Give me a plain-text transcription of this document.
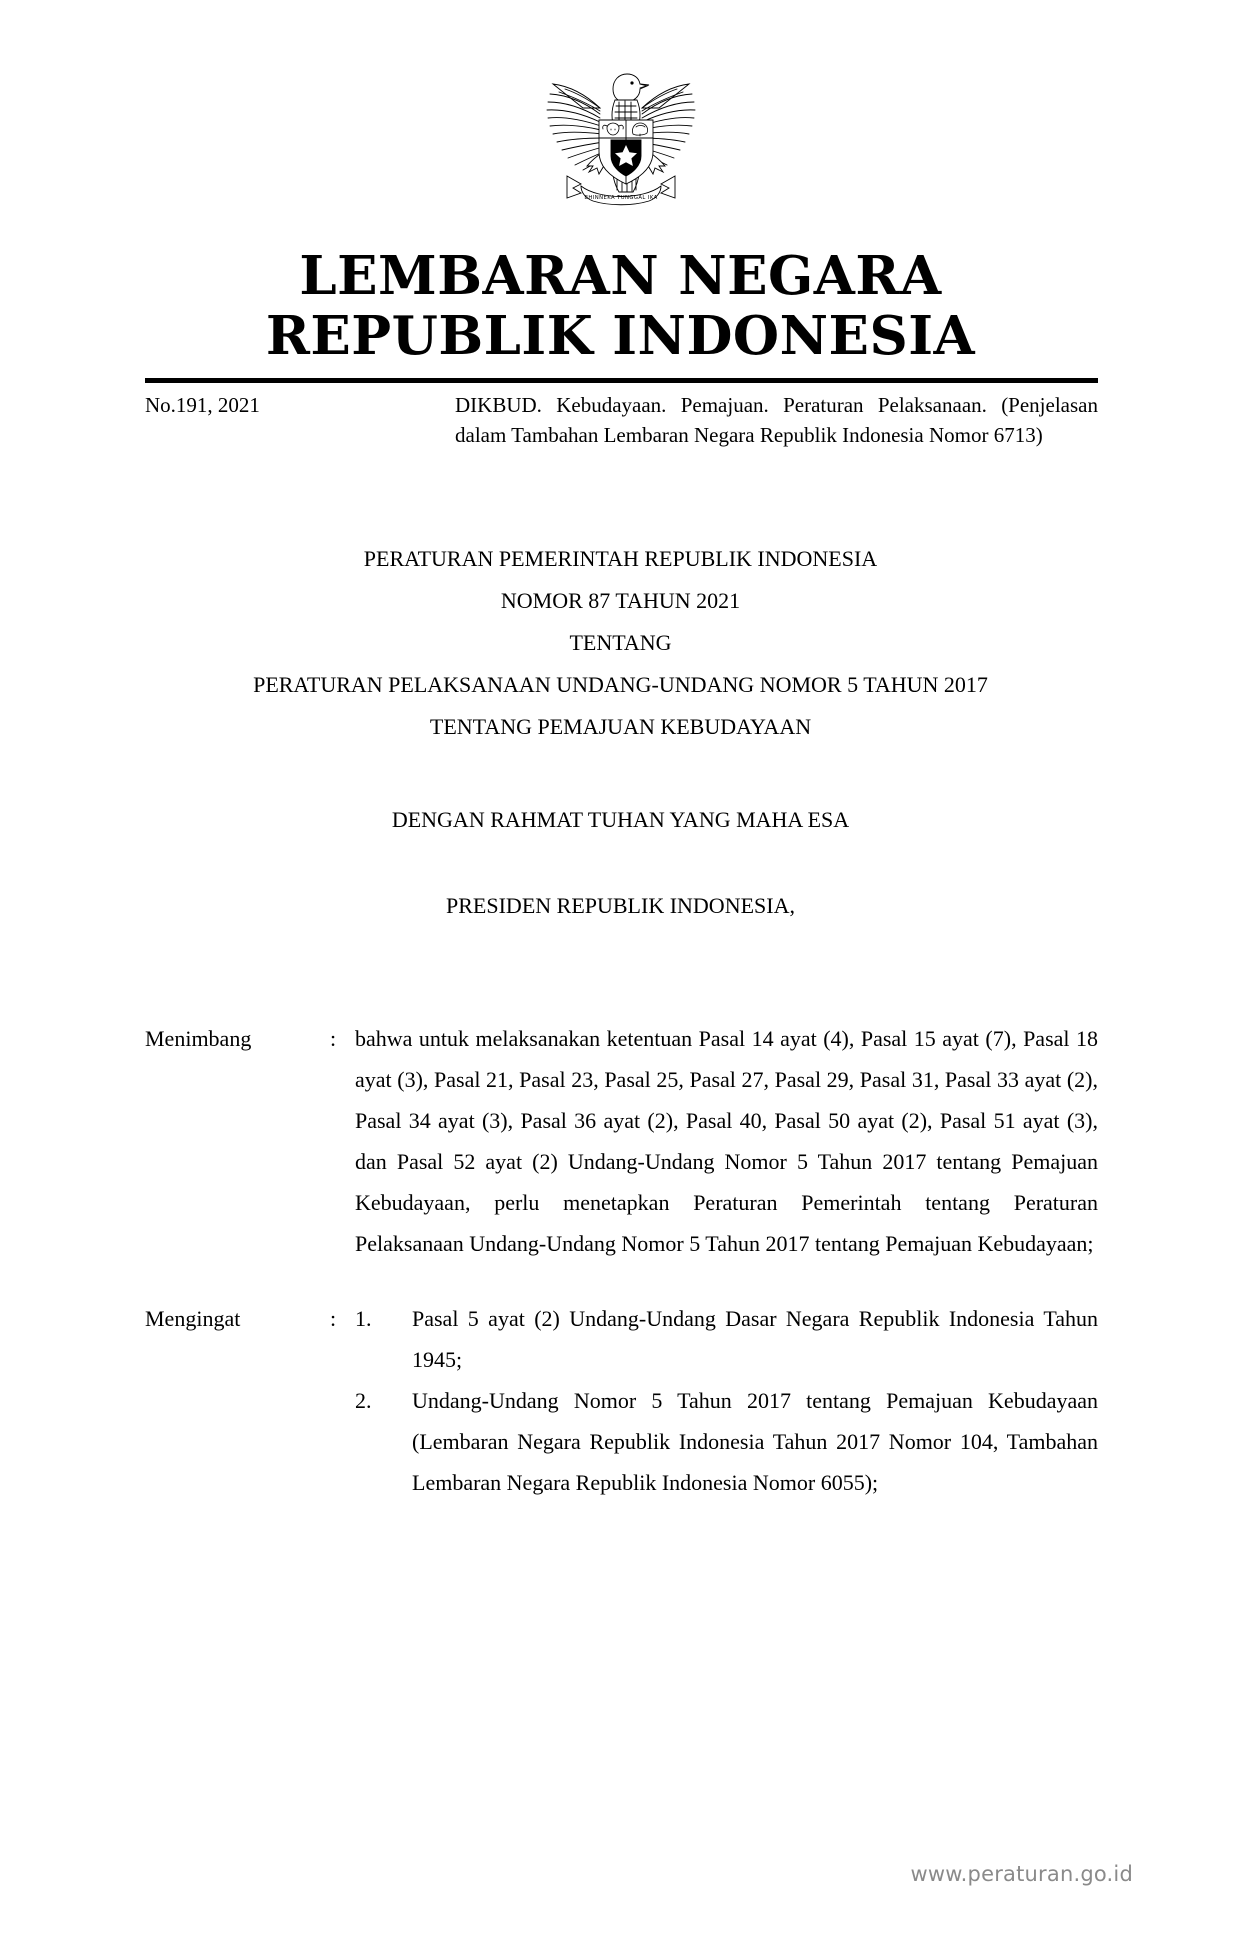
BHINNEKA TUNGGAL IKA
LEMBARAN NEGARA
REPUBLIK INDONESIA
No.191, 2021	DIKBUD. Kebudayaan. Pemajuan. Peraturan Pelaksanaan. (Penjelasan dalam Tambahan Lembaran Negara Republik Indonesia Nomor 6713)
PERATURAN PEMERINTAH REPUBLIK INDONESIA
NOMOR 87 TAHUN 2021
TENTANG
PERATURAN PELAKSANAAN UNDANG-UNDANG NOMOR 5 TAHUN 2017
TENTANG PEMAJUAN KEBUDAYAAN
DENGAN RAHMAT TUHAN YANG MAHA ESA
PRESIDEN REPUBLIK INDONESIA,
Menimbang	: bahwa untuk melaksanakan ketentuan Pasal 14 ayat (4), Pasal 15 ayat (7), Pasal 18 ayat (3), Pasal 21, Pasal 23, Pasal 25, Pasal 27, Pasal 29, Pasal 31, Pasal 33 ayat (2), Pasal 34 ayat (3), Pasal 36 ayat (2), Pasal 40, Pasal 50 ayat (2), Pasal 51 ayat (3), dan Pasal 52 ayat (2) Undang-Undang Nomor 5 Tahun 2017 tentang Pemajuan Kebudayaan, perlu menetapkan Peraturan Pemerintah tentang Peraturan Pelaksanaan Undang-Undang Nomor 5 Tahun 2017 tentang Pemajuan Kebudayaan;
Mengingat	: 1.	Pasal 5 ayat (2) Undang-Undang Dasar Negara Republik Indonesia Tahun 1945;
2.	Undang-Undang Nomor 5 Tahun 2017 tentang Pemajuan Kebudayaan (Lembaran Negara Republik Indonesia Tahun 2017 Nomor 104, Tambahan Lembaran Negara Republik Indonesia Nomor 6055);
www.peraturan.go.id
